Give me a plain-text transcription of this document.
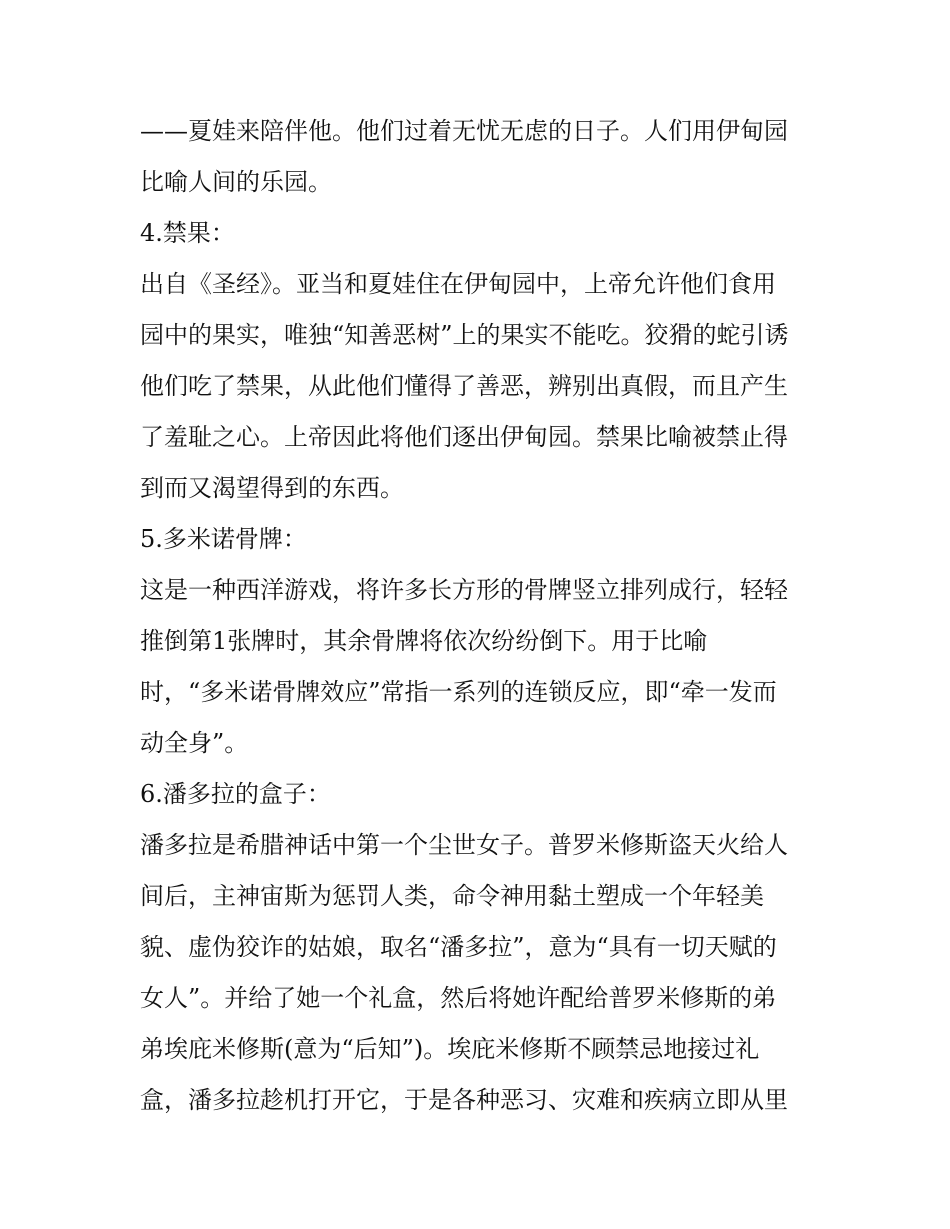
——夏娃来陪伴他。他们过着无忧无虑的日子。人们用伊甸园
比喻人间的乐园。
4.禁果：
出自《圣经》。亚当和夏娃住在伊甸园中，上帝允许他们食用
园中的果实，唯独“知善恶树”上的果实不能吃。狡猾的蛇引诱
他们吃了禁果，从此他们懂得了善恶，辨别出真假，而且产生
了羞耻之心。上帝因此将他们逐出伊甸园。禁果比喻被禁止得
到而又渴望得到的东西。
5.多米诺骨牌：
这是一种西洋游戏，将许多长方形的骨牌竖立排列成行，轻轻
推倒第1张牌时，其余骨牌将依次纷纷倒下。用于比喻
时，“多米诺骨牌效应”常指一系列的连锁反应，即“牵一发而
动全身”。
6.潘多拉的盒子：
潘多拉是希腊神话中第一个尘世女子。普罗米修斯盗天火给人
间后，主神宙斯为惩罚人类，命令神用黏土塑成一个年轻美
貌、虚伪狡诈的姑娘，取名“潘多拉”，意为“具有一切天赋的
女人”。并给了她一个礼盒，然后将她许配给普罗米修斯的弟
弟埃庇米修斯(意为“后知”)。埃庇米修斯不顾禁忌地接过礼
盒，潘多拉趁机打开它，于是各种恶习、灾难和疾病立即从里
